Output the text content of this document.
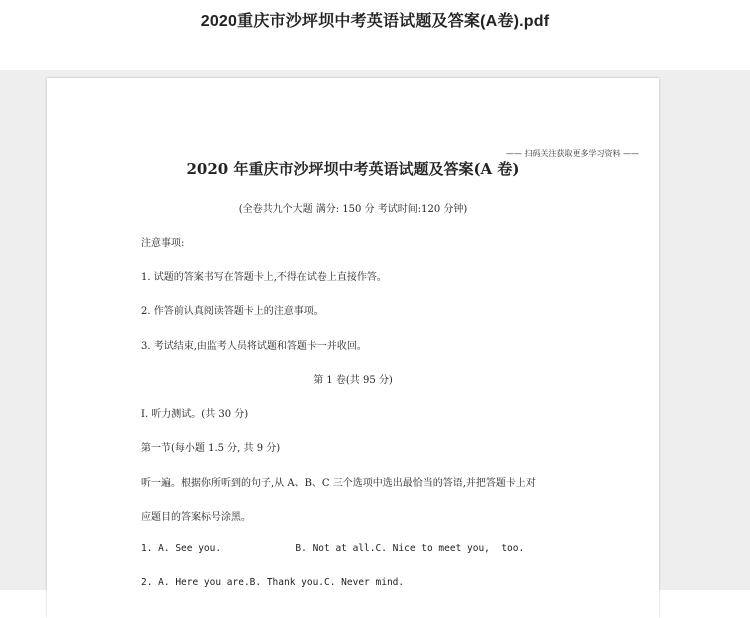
2020重庆市沙坪坝中考英语试题及答案(A卷).pdf
—— 扫码关注获取更多学习资料 ——
2020 年重庆市沙坪坝中考英语试题及答案(A 卷)
(全卷共九个大题 满分: 150 分 考试时间:120 分钟)
注意事项:
1. 试题的答案书写在答题卡上,不得在试卷上直接作答。
2. 作答前认真阅读答题卡上的注意事项。
3. 考试结束,由监考人员将试题和答题卡一并收回。
第 1 卷(共 95 分)
I. 听力测试。(共 30 分)
第一节(每小题 1.5 分, 共 9 分)
听一遍。根据你所听到的句子,从 A、B、C 三个选项中选出最恰当的答语,并把答题卡上对
应题目的答案标号涂黑。
1. A. See you.             B. Not at all.C. Nice to meet you,  too.
2. A. Here you are.B. Thank you.C. Never mind.
